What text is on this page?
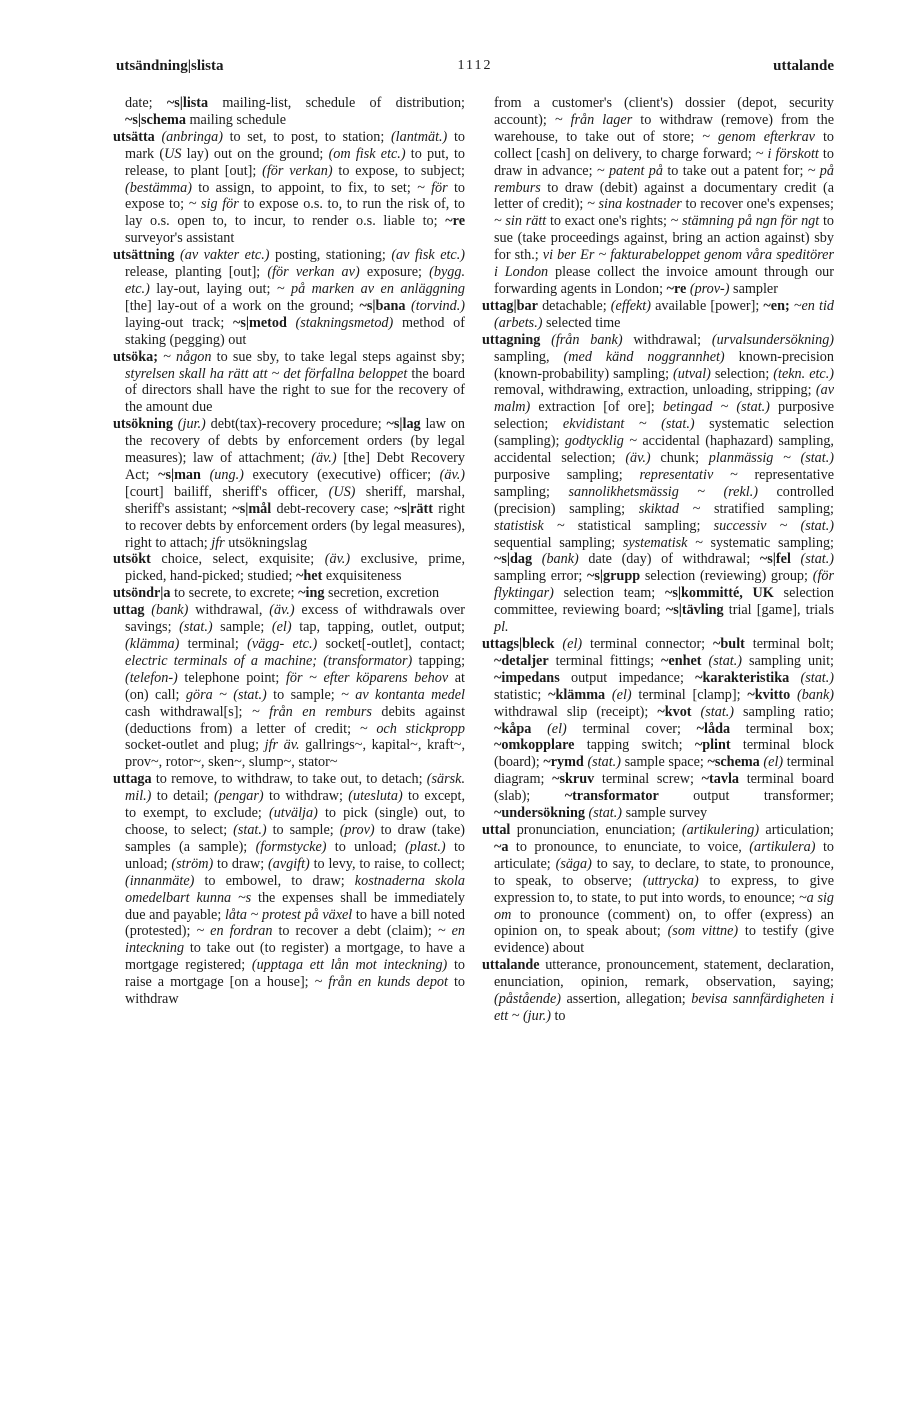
utsändning|slista	1112	uttalande

date; ~s|lista mailing-list, schedule of distribution; ~s|schema mailing schedule

utsätta (anbringa) to set, to post, to station; (lantmät.) to mark (US lay) out on the ground; (om fisk etc.) to put, to release, to plant [out]; (för verkan) to expose, to subject; (bestämma) to assign, to appoint, to fix, to set; ~ för to expose to; ~ sig för to expose o.s. to, to run the risk of, to lay o.s. open to, to incur, to render o.s. liable to; ~re surveyor's assistant

utsättning (av vakter etc.) posting, stationing; (av fisk etc.) release, planting [out]; (för verkan av) exposure; (bygg. etc.) lay-out, laying out; ~ på marken av en anläggning [the] lay-out of a work on the ground; ~s|bana (torvind.) laying-out track; ~s|metod (stakningsmetod) method of staking (pegging) out

utsöka; ~ någon to sue sby, to take legal steps against sby; styrelsen skall ha rätt att ~ det förfallna beloppet the board of directors shall have the right to sue for the recovery of the amount due

utsökning (jur.) debt(tax)-recovery procedure; ~s|lag law on the recovery of debts by enforcement orders (by legal measures); law of attachment; (äv.) [the] Debt Recovery Act; ~s|man (ung.) executory (executive) officer; (äv.) [court] bailiff, sheriff's officer, (US) sheriff, marshal, sheriff's assistant; ~s|mål debt-recovery case; ~s|rätt right to recover debts by enforcement orders (by legal measures), right to attach; jfr utsökningslag

utsökt choice, select, exquisite; (äv.) exclusive, prime, picked, hand-picked; studied; ~het exquisiteness

utsöndr|a to secrete, to excrete; ~ing secretion, excretion

uttag (bank) withdrawal, (äv.) excess of withdrawals over savings; (stat.) sample; (el) tap, tapping, outlet, output; (klämma) terminal; (vägg- etc.) socket[-outlet], contact; electric terminals of a machine; (transformator) tapping; (telefon-) telephone point; för ~ efter köparens behov at (on) call; göra ~ (stat.) to sample; ~ av kontanta medel cash withdrawal[s]; ~ från en remburs debits against (deductions from) a letter of credit; ~ och stickpropp socket-outlet and plug; jfr äv. gallrings~, kapital~, kraft~, prov~, rotor~, sken~, slump~, stator~

uttaga to remove, to withdraw, to take out, to detach; (särsk. mil.) to detail; (pengar) to withdraw; (utesluta) to except, to exempt, to exclude; (utvälja) to pick (single) out, to choose, to select; (stat.) to sample; (prov) to draw (take) samples (a sample); (formstycke) to unload; (plast.) to unload; (ström) to draw; (avgift) to levy, to raise, to collect; (innanmäte) to embowel, to draw; kostnaderna skola omedelbart kunna ~s the expenses shall be immediately due and payable; låta ~ protest på växel to have a bill noted (protested); ~ en fordran to recover a debt (claim); ~ en inteckning to take out (to register) a mortgage, to have a mortgage registered; (upptaga ett lån mot inteckning) to raise a mortgage [on a house]; ~ från en kunds depot to withdraw

from a customer's (client's) dossier (depot, security account); ~ från lager to withdraw (remove) from the warehouse, to take out of store; ~ genom efterkrav to collect [cash] on delivery, to charge forward; ~ i förskott to draw in advance; ~ patent på to take out a patent for; ~ på remburs to draw (debit) against a documentary credit (a letter of credit); ~ sina kostnader to recover one's expenses; ~ sin rätt to exact one's rights; ~ stämning på ngn för ngt to sue (take proceedings against, bring an action against) sby for sth.; vi ber Er ~ fakturabeloppet genom våra speditörer i London please collect the invoice amount through our forwarding agents in London; ~re (prov-) sampler

uttag|bar detachable; (effekt) available [power]; ~en; ~en tid (arbets.) selected time

uttagning (från bank) withdrawal; (urvalsundersökning) sampling, (med känd noggrannhet) known-precision (known-probability) sampling; (utval) selection; (tekn. etc.) removal, withdrawing, extraction, unloading, stripping; (av malm) extraction [of ore]; betingad ~ (stat.) purposive selection; ekvidistant ~ (stat.) systematic selection (sampling); godtycklig ~ accidental (haphazard) sampling, accidental selection; (äv.) chunk; planmässig ~ (stat.) purposive sampling; representativ ~ representative sampling; sannolikhetsmässig ~ (rekl.) controlled (precision) sampling; skiktad ~ stratified sampling; statistisk ~ statistical sampling; successiv ~ (stat.) sequential sampling; systematisk ~ systematic sampling; ~s|dag (bank) date (day) of withdrawal; ~s|fel (stat.) sampling error; ~s|grupp selection (reviewing) group; (för flyktingar) selection team; ~s|kommitté, UK selection committee, reviewing board; ~s|tävling trial [game], trials pl.

uttags|bleck (el) terminal connector; ~bult terminal bolt; ~detaljer terminal fittings; ~enhet (stat.) sampling unit; ~impedans output impedance; ~karakteristika (stat.) statistic; ~klämma (el) terminal [clamp]; ~kvitto (bank) withdrawal slip (receipt); ~kvot (stat.) sampling ratio; ~kåpa (el) terminal cover; ~låda terminal box; ~omkopplare tapping switch; ~plint terminal block (board); ~rymd (stat.) sample space; ~schema (el) terminal diagram; ~skruv terminal screw; ~tavla terminal board (slab); ~transformator output transformer; ~undersökning (stat.) sample survey

uttal pronunciation, enunciation; (artikulering) articulation; ~a to pronounce, to enunciate, to voice, (artikulera) to articulate; (säga) to say, to declare, to state, to pronounce, to speak, to observe; (uttrycka) to express, to give expression to, to state, to put into words, to enounce; ~a sig om to pronounce (comment) on, to offer (express) an opinion on, to speak about; (som vittne) to testify (give evidence) about

uttalande utterance, pronouncement, statement, declaration, enunciation, opinion, remark, observation, saying; (påstående) assertion, allegation; bevisa sannfärdigheten i ett ~ (jur.) to
